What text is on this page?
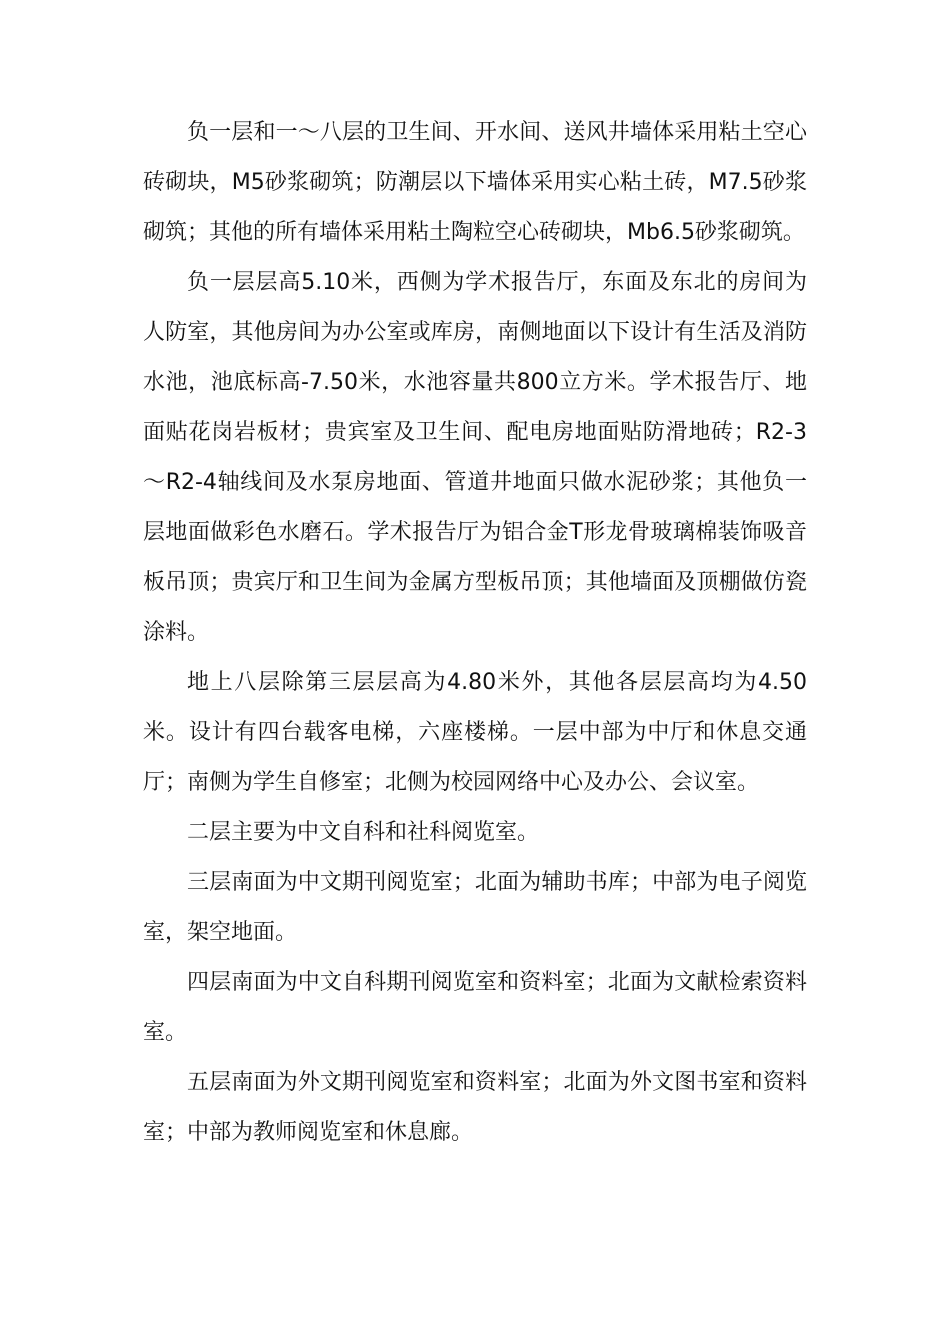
负一层和一～八层的卫生间、开水间、送风井墙体采用粘土空心砖砌块，M5砂浆砌筑；防潮层以下墙体采用实心粘土砖，M7.5砂浆砌筑；其他的所有墙体采用粘土陶粒空心砖砌块，Mb6.5砂浆砌筑。

负一层层高5.10米，西侧为学术报告厅，东面及东北的房间为人防室，其他房间为办公室或库房，南侧地面以下设计有生活及消防水池，池底标高-7.50米，水池容量共800立方米。学术报告厅、地面贴花岗岩板材；贵宾室及卫生间、配电房地面贴防滑地砖；R2-3～R2-4轴线间及水泵房地面、管道井地面只做水泥砂浆；其他负一层地面做彩色水磨石。学术报告厅为铝合金T形龙骨玻璃棉装饰吸音板吊顶；贵宾厅和卫生间为金属方型板吊顶；其他墙面及顶棚做仿瓷涂料。

地上八层除第三层层高为4.80米外，其他各层层高均为4.50米。设计有四台载客电梯，六座楼梯。一层中部为中厅和休息交通厅；南侧为学生自修室；北侧为校园网络中心及办公、会议室。

二层主要为中文自科和社科阅览室。

三层南面为中文期刊阅览室；北面为辅助书库；中部为电子阅览室，架空地面。

四层南面为中文自科期刊阅览室和资料室；北面为文献检索资料室。

五层南面为外文期刊阅览室和资料室；北面为外文图书室和资料室；中部为教师阅览室和休息廊。
